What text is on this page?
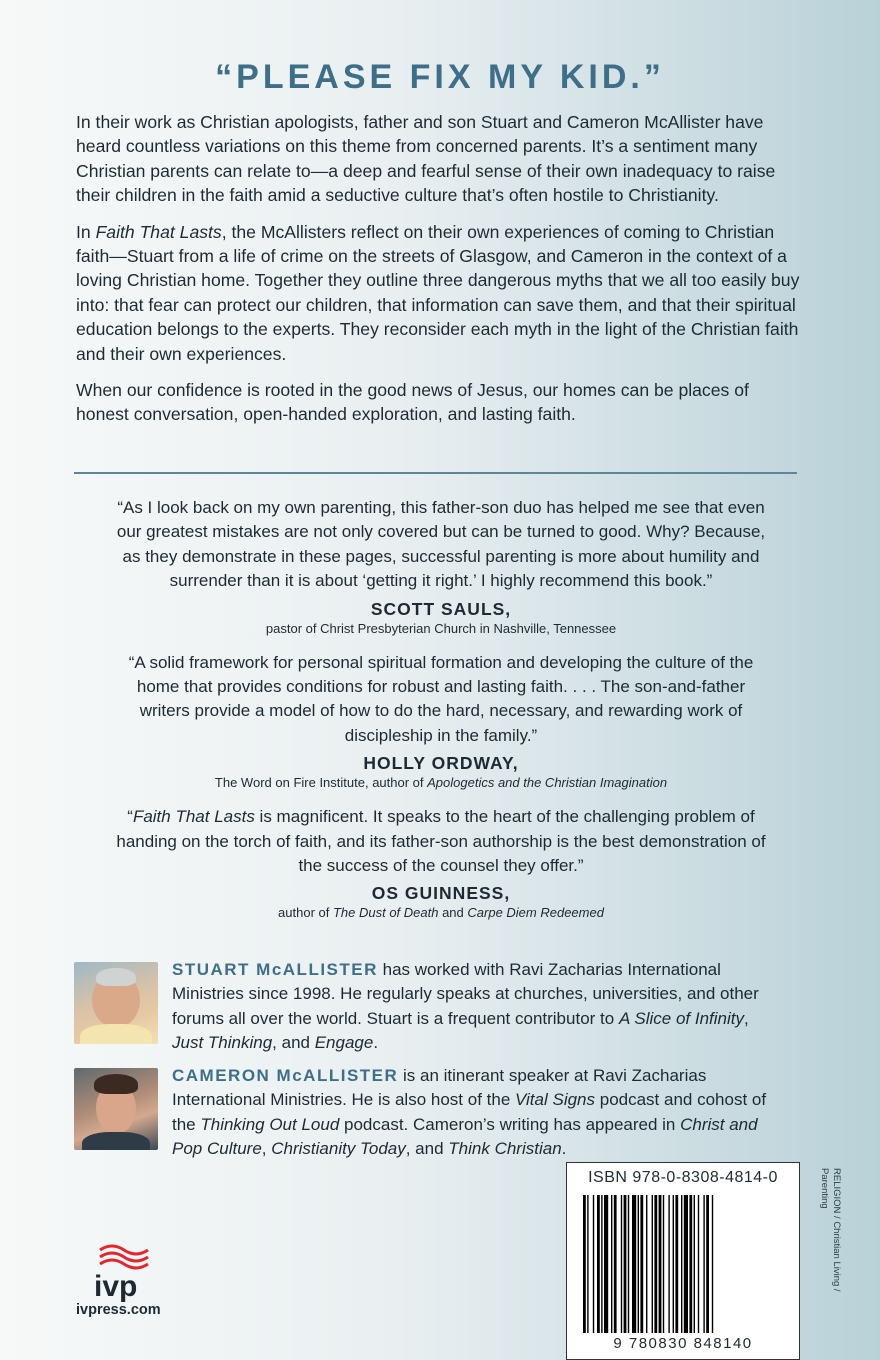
“PLEASE FIX MY KID.”

In their work as Christian apologists, father and son Stuart and Cameron McAllister have heard countless variations on this theme from concerned parents. It’s a sentiment many Christian parents can relate to—a deep and fearful sense of their own inadequacy to raise their children in the faith amid a seductive culture that’s often hostile to Christianity.

In Faith That Lasts, the McAllisters reflect on their own experiences of coming to Christian faith—Stuart from a life of crime on the streets of Glasgow, and Cameron in the context of a loving Christian home. Together they outline three dangerous myths that we all too easily buy into: that fear can protect our children, that information can save them, and that their spiritual education belongs to the experts. They reconsider each myth in the light of the Christian faith and their own experiences.

When our confidence is rooted in the good news of Jesus, our homes can be places of honest conversation, open-handed exploration, and lasting faith.

“As I look back on my own parenting, this father-son duo has helped me see that even our greatest mistakes are not only covered but can be turned to good. Why? Because, as they demonstrate in these pages, successful parenting is more about humility and surrender than it is about ‘getting it right.’ I highly recommend this book.”

SCOTT SAULS,
pastor of Christ Presbyterian Church in Nashville, Tennessee

“A solid framework for personal spiritual formation and developing the culture of the home that provides conditions for robust and lasting faith. . . . The son-and-father writers provide a model of how to do the hard, necessary, and rewarding work of discipleship in the family.”

HOLLY ORDWAY,
The Word on Fire Institute, author of Apologetics and the Christian Imagination

“Faith That Lasts is magnificent. It speaks to the heart of the challenging problem of handing on the torch of faith, and its father-son authorship is the best demonstration of the success of the counsel they offer.”

OS GUINNESS,
author of The Dust of Death and Carpe Diem Redeemed
STUART McALLISTER has worked with Ravi Zacharias International Ministries since 1998. He regularly speaks at churches, universities, and other forums all over the world. Stuart is a frequent contributor to A Slice of Infinity, Just Thinking, and Engage.
CAMERON McALLISTER is an itinerant speaker at Ravi Zacharias International Ministries. He is also host of the Vital Signs podcast and cohost of the Thinking Out Loud podcast. Cameron’s writing has appeared in Christ and Pop Culture, Christianity Today, and Think Christian.
ivp
ivpress.com
ISBN 978-0-8308-4814-0
9 780830 848140
RELIGION / Christian Living / Parenting
